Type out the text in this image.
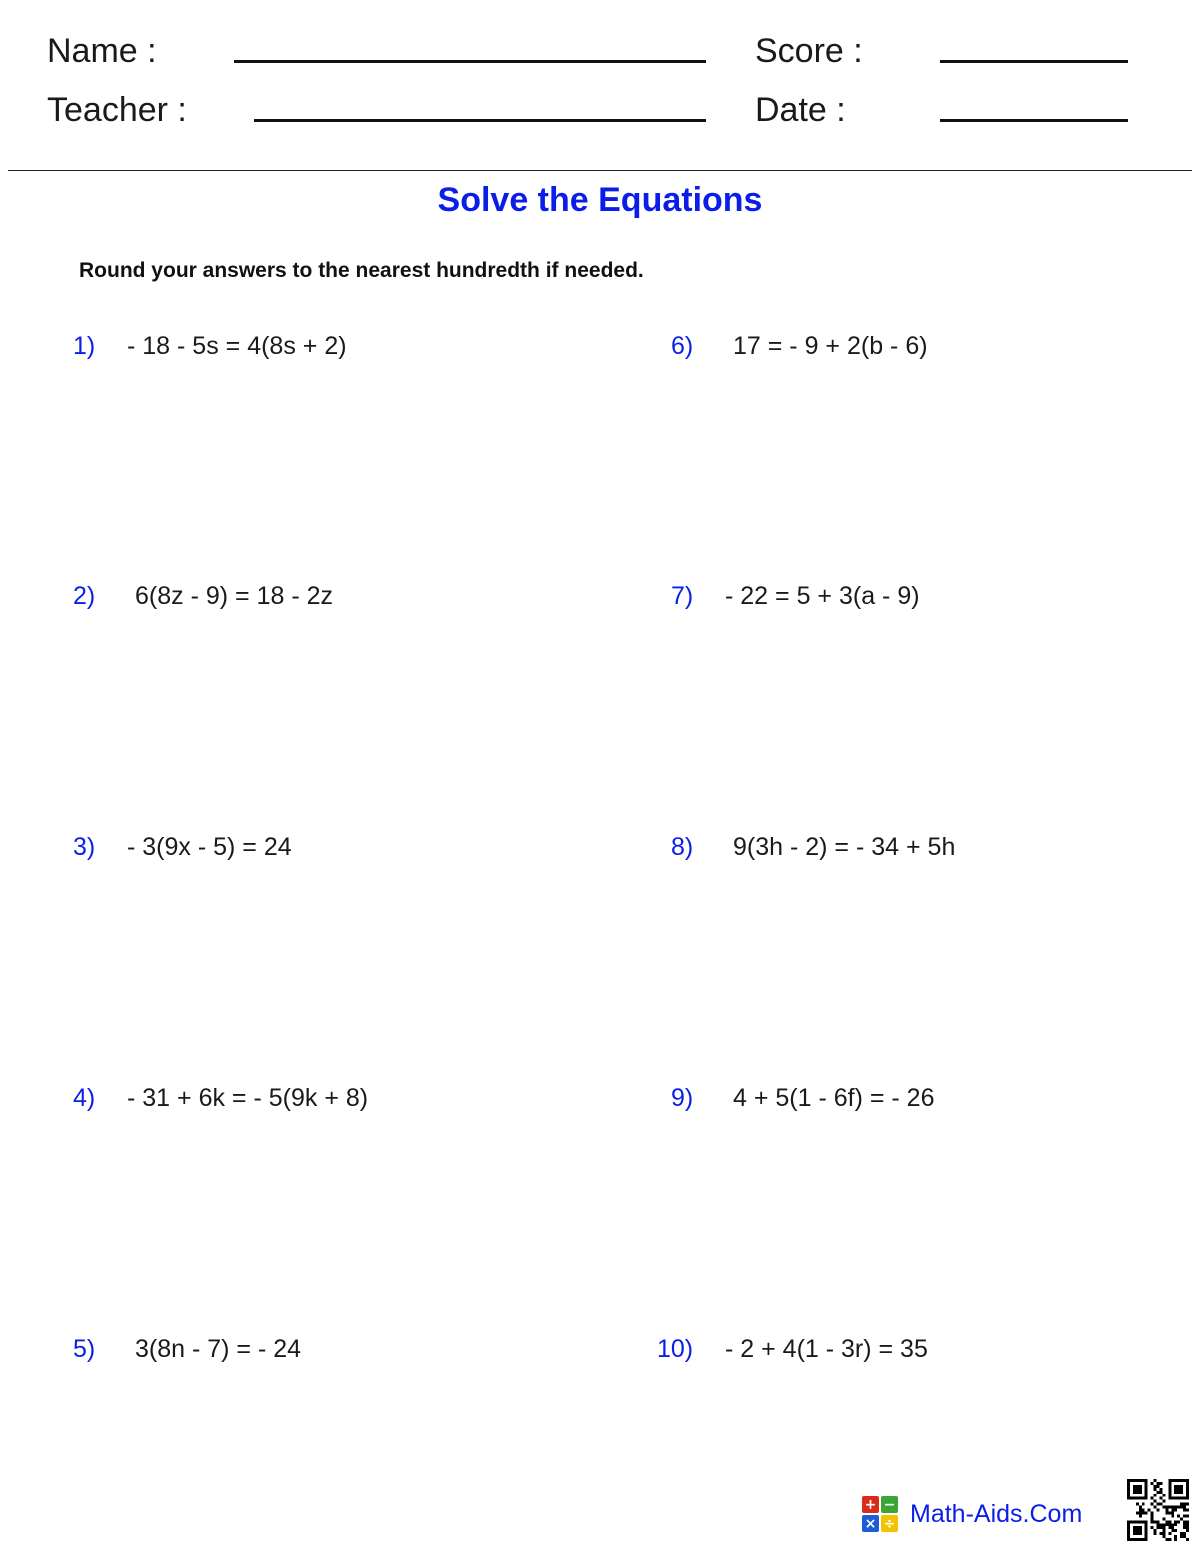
Name :	Score :
Teacher :	Date :
Solve the Equations
Round your answers to the nearest hundredth if needed.
1) - 18 - 5s = 4(8s + 2)
2) 6(8z - 9) = 18 - 2z
3) - 3(9x - 5) = 24
4) - 31 + 6k = - 5(9k + 8)
5) 3(8n - 7) = - 24
6) 17 = - 9 + 2(b - 6)
7) - 22 = 5 + 3(a - 9)
8) 9(3h - 2) = - 34 + 5h
9) 4 + 5(1 - 6f) = - 26
10) - 2 + 4(1 - 3r) = 35
+ −
× ÷ Math-Aids.Com
